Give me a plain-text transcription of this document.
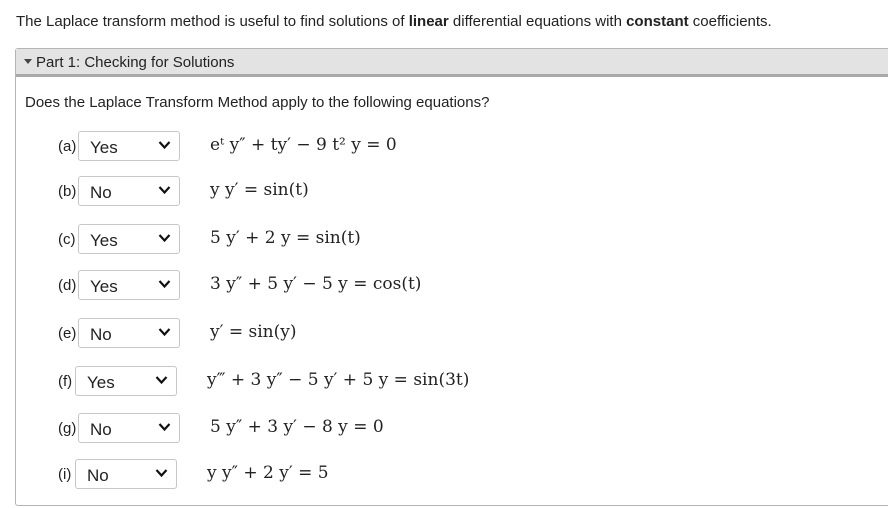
The Laplace transform method is useful to find solutions of linear differential equations with constant coefficients.
Part 1: Checking for Solutions
Does the Laplace Transform Method apply to the following equations?
(a) Yes	eᵗ y″ + ty′ − 9 t² y = 0
(b) No	y y′ = sin(t)
(c) Yes	5 y′ + 2 y = sin(t)
(d) Yes	3 y″ + 5 y′ − 5 y = cos(t)
(e) No	y′ = sin(y)
(f) Yes	y‴ + 3 y″ − 5 y′ + 5 y = sin(3t)
(g) No	5 y″ + 3 y′ − 8 y = 0
(i) No	y y″ + 2 y′ = 5
